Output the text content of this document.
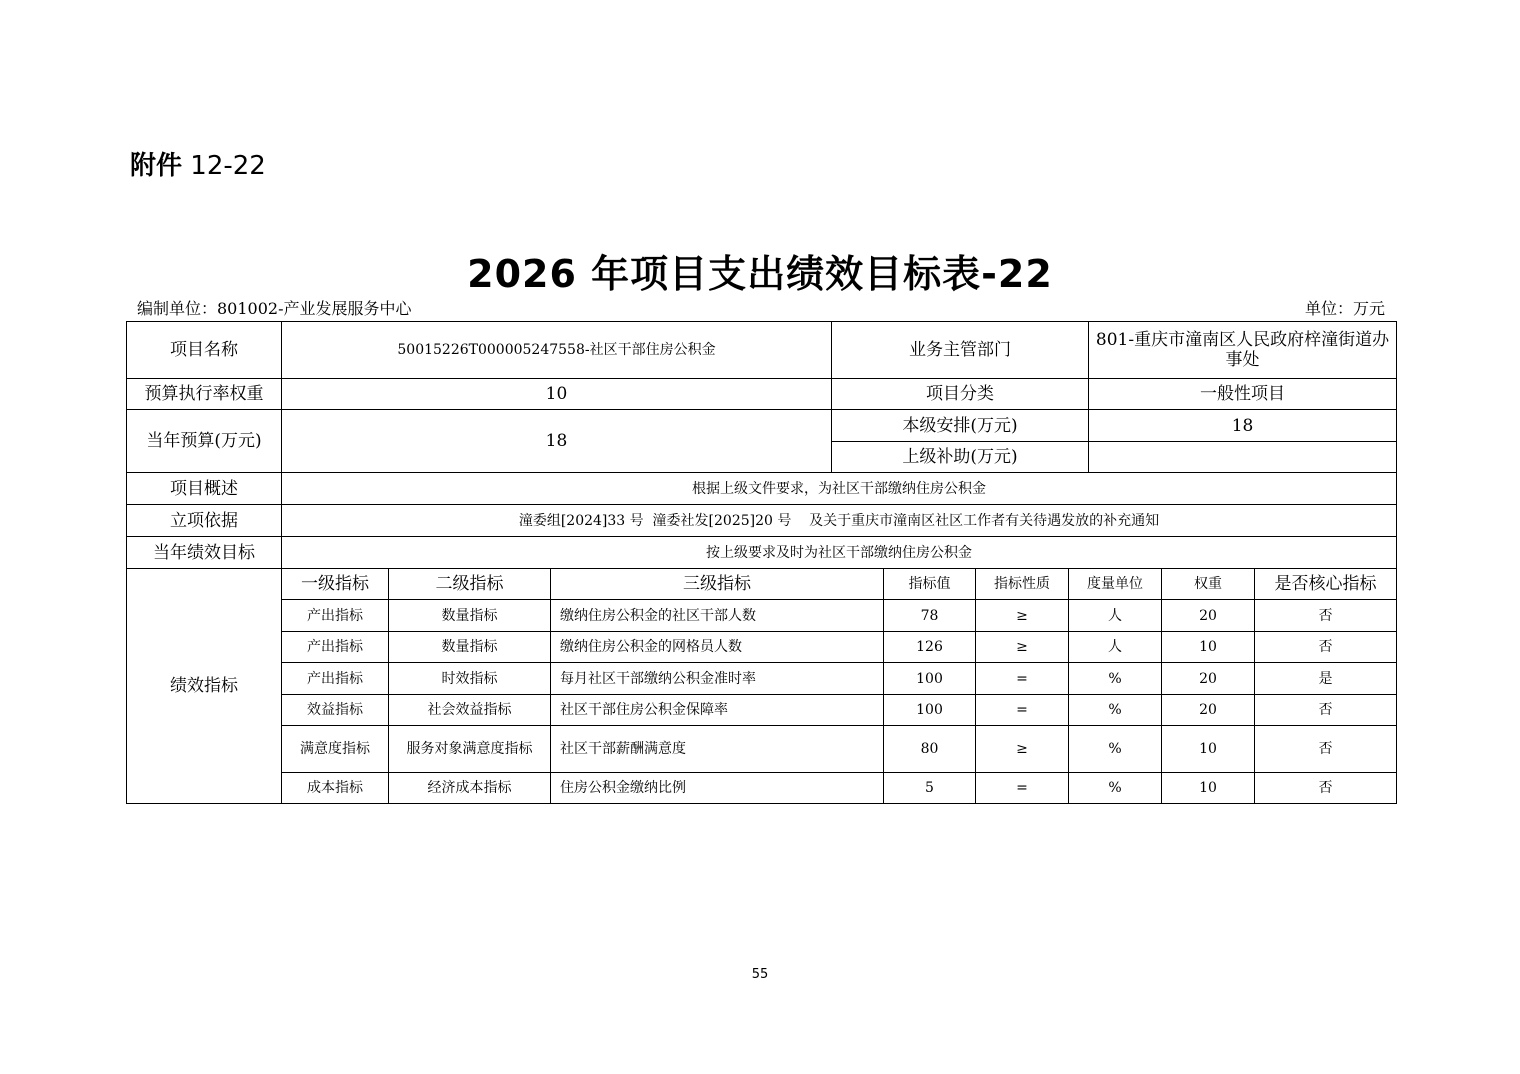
附件 12-22
2026 年项目支出绩效目标表-22
编制单位：801002-产业发展服务中心	单位：万元
项目名称	50015226T000005247558-社区干部住房公积金	业务主管部门	801-重庆市潼南区人民政府梓潼街道办事处
预算执行率权重	10	项目分类	一般性项目
当年预算(万元)	18	本级安排(万元)	18
上级补助(万元)	
项目概述	根据上级文件要求，为社区干部缴纳住房公积金
立项依据	潼委组[2024]33 号  潼委社发[2025]20 号    及关于重庆市潼南区社区工作者有关待遇发放的补充通知
当年绩效目标	按上级要求及时为社区干部缴纳住房公积金
绩效指标	
一级指标	二级指标	三级指标	指标值	指标性质	度量单位	权重	是否核心指标
产出指标	数量指标	缴纳住房公积金的社区干部人数	78	≥	人	20	否
产出指标	数量指标	缴纳住房公积金的网格员人数	126	≥	人	10	否
产出指标	时效指标	每月社区干部缴纳公积金准时率	100	=	%	20	是
效益指标	社会效益指标	社区干部住房公积金保障率	100	=	%	20	否
满意度指标	服务对象满意度指标	社区干部薪酬满意度	80	≥	%	10	否
成本指标	经济成本指标	住房公积金缴纳比例	5	=	%	10	否

55
